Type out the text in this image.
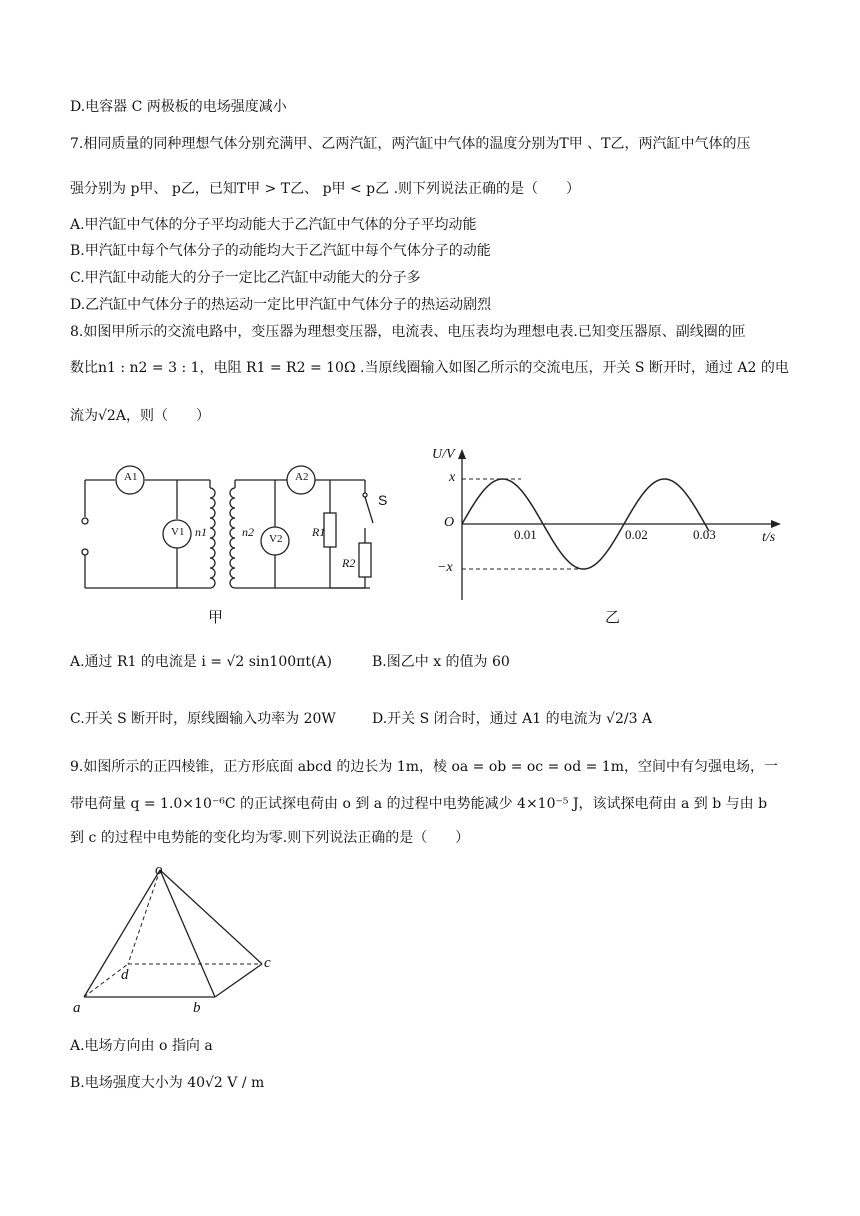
D.电容器 C 两极板的电场强度减小
7.相同质量的同种理想气体分别充满甲、乙两汽缸，两汽缸中气体的温度分别为T甲 、T乙，两汽缸中气体的压
强分别为 p甲、 p乙，已知T甲 > T乙、 p甲 < p乙 .则下列说法正确的是（　　）
A.甲汽缸中气体的分子平均动能大于乙汽缸中气体的分子平均动能
B.甲汽缸中每个气体分子的动能均大于乙汽缸中每个气体分子的动能
C.甲汽缸中动能大的分子一定比乙汽缸中动能大的分子多
D.乙汽缸中气体分子的热运动一定比甲汽缸中气体分子的热运动剧烈
8.如图甲所示的交流电路中，变压器为理想变压器，电流表、电压表均为理想电表.已知变压器原、副线圈的匝
数比n1 : n2 = 3 : 1，电阻 R1 = R2 = 10Ω .当原线圈输入如图乙所示的交流电压，开关 S 断开时，通过 A2 的电
流为√2A，则（　　）
A1	A2
V1
V2
n1	n2	R1
R2
S
甲
U/V
t/s
O
x
−x
0.01	0.02	0.03
乙
A.通过 R1 的电流是 i = √2 sin100πt(A)	B.图乙中 x 的值为 60
C.开关 S 断开时，原线圈输入功率为 20W	D.开关 S 闭合时，通过 A1 的电流为 √2/3 A
9.如图所示的正四棱锥，正方形底面 abcd 的边长为 1m，棱 oa = ob = oc = od = 1m，空间中有匀强电场，一
带电荷量 q = 1.0×10⁻⁶C 的正试探电荷由 o 到 a 的过程中电势能减少 4×10⁻⁵ J，该试探电荷由 a 到 b 与由 b
到 c 的过程中电势能的变化均为零.则下列说法正确的是（　　）
o
a	b
c
d
A.电场方向由 o 指向 a
B.电场强度大小为 40√2 V / m
